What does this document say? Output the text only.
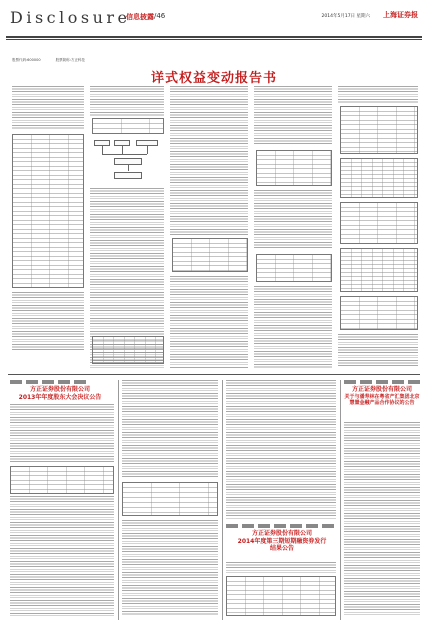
Disclosure
信息披露 /46	2014年5月17日 星期六 上海证券报
股票代码:600000	股票简称:方正科技
详式权益变动报告书
方正证券股份有限公司
2013年年度股东大会决议公告
方正证券股份有限公司
2014年度第三期短期融资券发行结果公告
方正证券股份有限公司
关于与潘寿林在粤省产汇集团北京慧置金融产品合作协议的公告
